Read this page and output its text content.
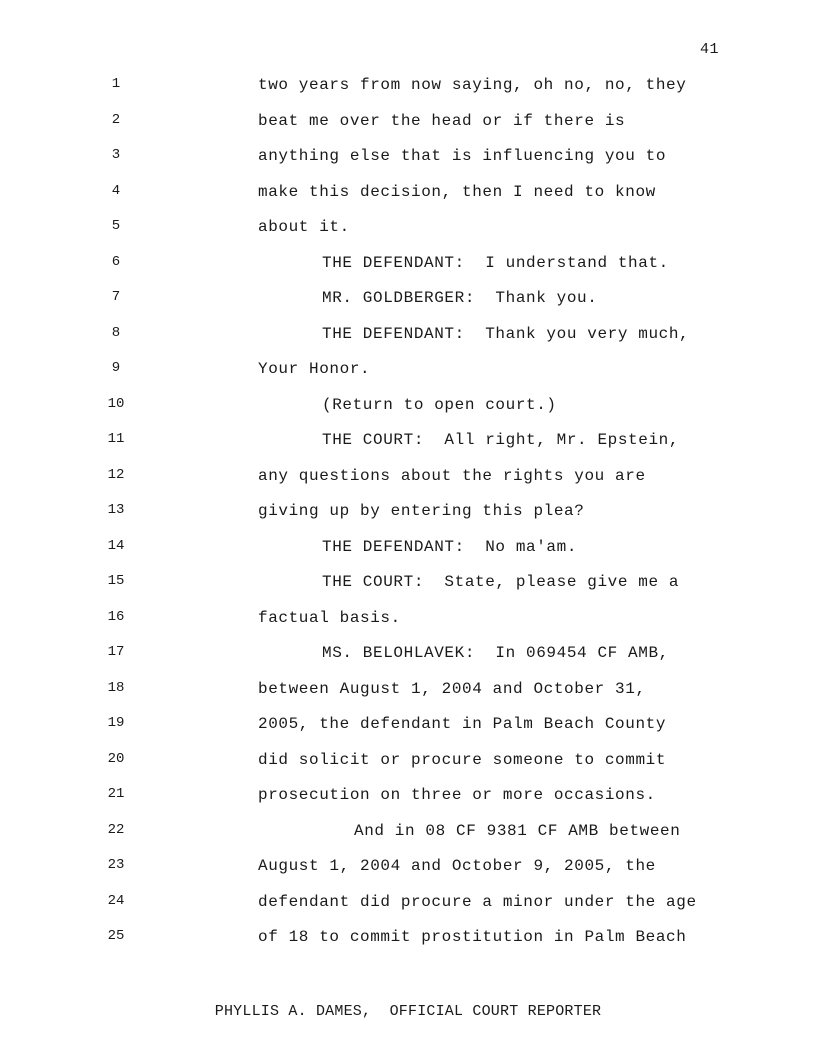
41
1	two years from now saying, oh no, no, they
2	beat me over the head or if there is
3	anything else that is influencing you to
4	make this decision, then I need to know
5	about it.
6	THE DEFENDANT:  I understand that.
7	MR. GOLDBERGER:  Thank you.
8	THE DEFENDANT:  Thank you very much,
9	Your Honor.
10	(Return to open court.)
11	THE COURT:  All right, Mr. Epstein,
12	any questions about the rights you are
13	giving up by entering this plea?
14	THE DEFENDANT:  No ma'am.
15	THE COURT:  State, please give me a
16	factual basis.
17	MS. BELOHLAVEK:  In 069454 CF AMB,
18	between August 1, 2004 and October 31,
19	2005, the defendant in Palm Beach County
20	did solicit or procure someone to commit
21	prosecution on three or more occasions.
22	And in 08 CF 9381 CF AMB between
23	August 1, 2004 and October 9, 2005, the
24	defendant did procure a minor under the age
25	of 18 to commit prostitution in Palm Beach
PHYLLIS A. DAMES,  OFFICIAL COURT REPORTER
